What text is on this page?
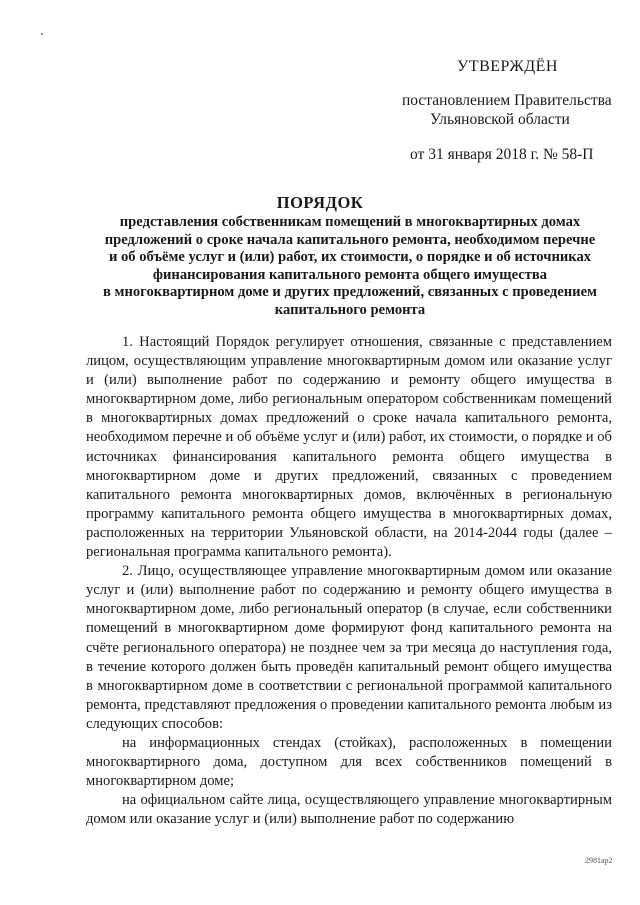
УТВЕРЖДЁН
постановлением Правительства
Ульяновской области
от 31 января 2018 г. № 58-П
ПОРЯДОК
представления собственникам помещений в многоквартирных домах
предложений о сроке начала капитального ремонта, необходимом перечне
и об объёме услуг и (или) работ, их стоимости, о порядке и об источниках
финансирования капитального ремонта общего имущества
в многоквартирном доме и других предложений, связанных с проведением
капитального ремонта

1. Настоящий Порядок регулирует отношения, связанные с представлением лицом, осуществляющим управление многоквартирным домом или оказание услуг и (или) выполнение работ по содержанию и ремонту общего имущества в многоквартирном доме, либо региональным оператором собственникам помещений в многоквартирных домах предложений о сроке начала капитального ремонта, необходимом перечне и об объёме услуг и (или) работ, их стоимости, о порядке и об источниках финансирования капитального ремонта общего имущества в многоквартирном доме и других предложений, связанных с проведением капитального ремонта многоквартирных домов, включённых в региональную программу капитального ремонта общего имущества в многоквартирных домах, расположенных на территории Ульяновской области, на 2014-2044 годы (далее – региональная программа капитального ремонта).

2. Лицо, осуществляющее управление многоквартирным домом или оказание услуг и (или) выполнение работ по содержанию и ремонту общего имущества в многоквартирном доме, либо региональный оператор (в случае, если собственники помещений в многоквартирном доме формируют фонд капитального ремонта на счёте регионального оператора) не позднее чем за три месяца до наступления года, в течение которого должен быть проведён капитальный ремонт общего имущества в многоквартирном доме в соответствии с региональной программой капитального ремонта, представляют предложения о проведении капитального ремонта любым из следующих способов:

на информационных стендах (стойках), расположенных в помещении многоквартирного дома, доступном для всех собственников помещений в многоквартирном доме;

на официальном сайте лица, осуществляющего управление многоквартирным домом или оказание услуг и (или) выполнение работ по содержанию

2981ap2
